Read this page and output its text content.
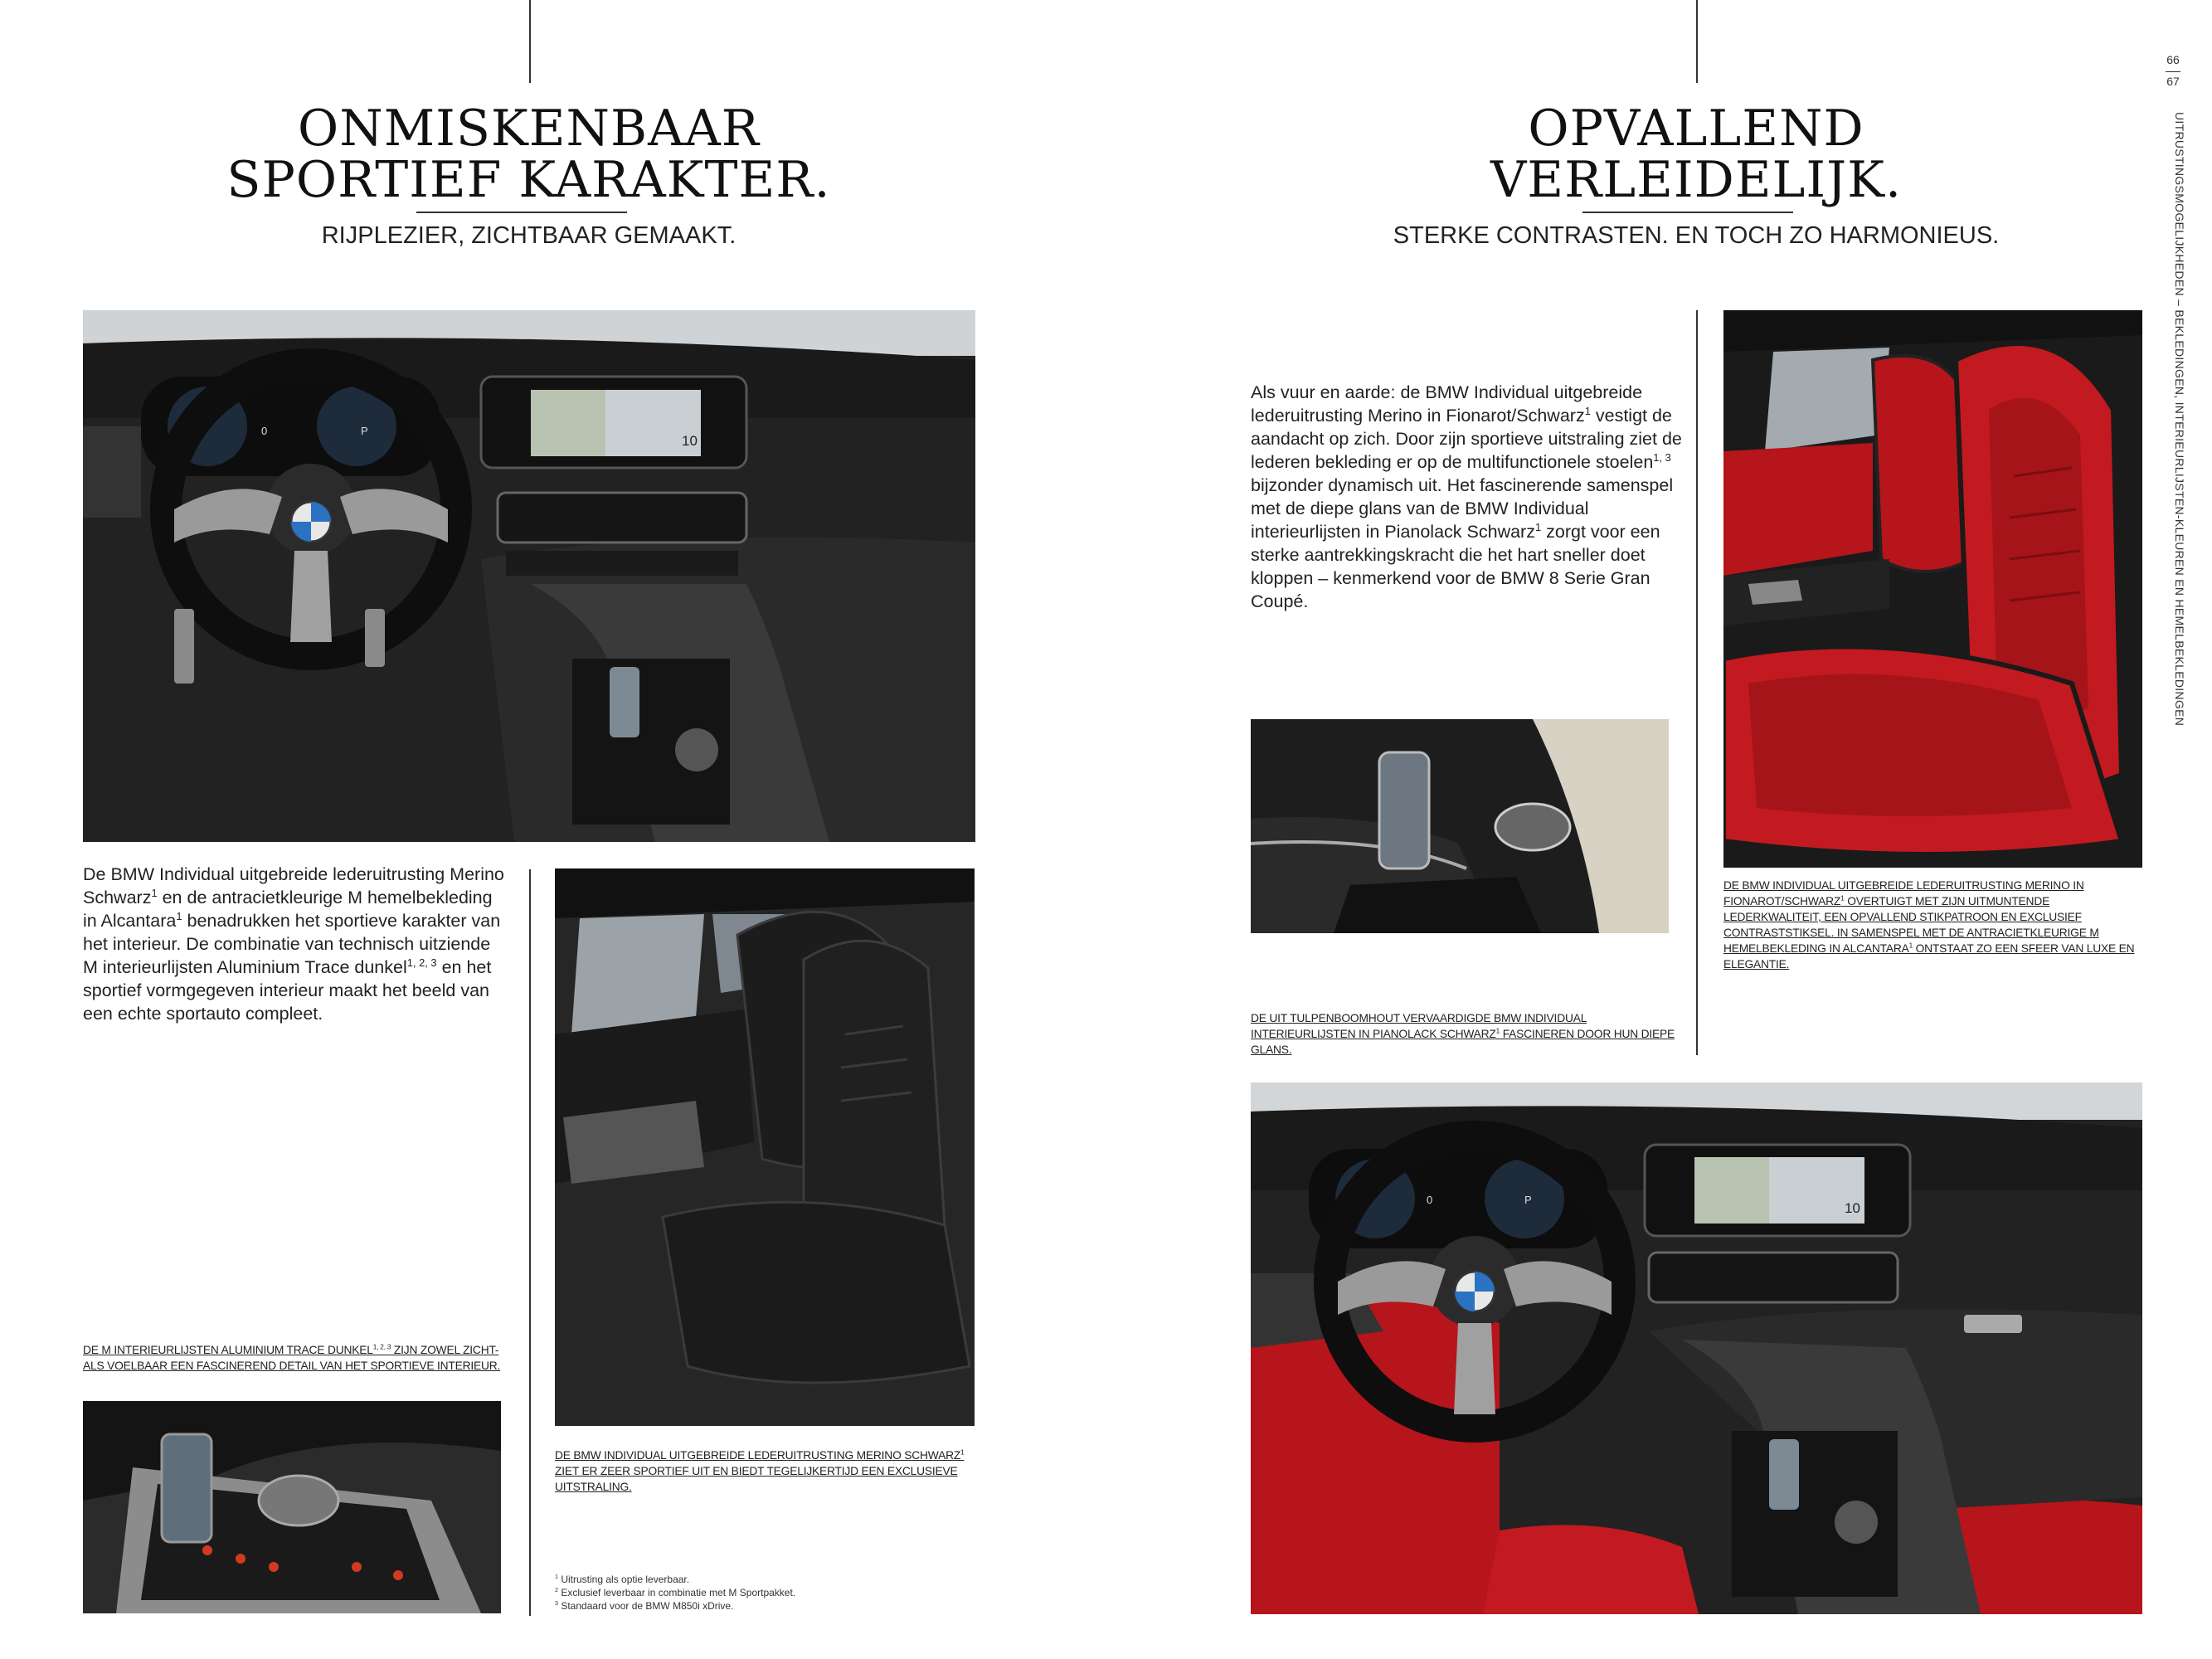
ONMISKENBAAR
SPORTIEF KARAKTER.
RIJPLEZIER, ZICHTBAAR GEMAAKT.
0	P
10
De BMW Individual uitgebreide lederuitrusting Merino Schwarz$^1$ en de antracietkleurige M hemelbekleding in Alcantara$^1$ benadrukken het sportieve karakter van het interieur. De combinatie van technisch uitziende M interieurlijsten Aluminium Trace dunkel$^{1, 2, 3}$ en het sportief vormgegeven interieur maakt het beeld van een echte sportauto compleet.
DE M INTERIEURLIJSTEN ALUMINIUM TRACE DUNKEL$^{1, 2, 3}$ ZIJN ZOWEL ZICHT- ALS VOELBAAR EEN FASCINEREND DETAIL VAN HET SPORTIEVE INTERIEUR.
DE BMW INDIVIDUAL UITGEBREIDE LEDERUITRUSTING MERINO SCHWARZ$^1$ ZIET ER ZEER SPORTIEF UIT EN BIEDT TEGELIJKERTIJD EEN EXCLUSIEVE UITSTRALING.
$^1$ Uitrusting als optie leverbaar.
$^2$ Exclusief leverbaar in combinatie met M Sportpakket.
$^3$ Standaard voor de BMW M850i xDrive.
OPVALLEND
VERLEIDELIJK.
STERKE CONTRASTEN. EN TOCH ZO HARMONIEUS.
Als vuur en aarde: de BMW Individual uitgebreide lederuitrusting Merino in Fionarot/Schwarz$^1$ vestigt de aandacht op zich. Door zijn sportieve uitstraling ziet de lederen bekleding er op de multifunctionele stoelen$^{1, 3}$ bijzonder dynamisch uit. Het fascinerende samenspel met de diepe glans van de BMW Individual interieurlijsten in Pianolack Schwarz$^1$ zorgt voor een sterke aantrekkingskracht die het hart sneller doet kloppen – kenmerkend voor de BMW 8 Serie Gran Coupé.
DE UIT TULPENBOOMHOUT VERVAARDIGDE BMW INDIVIDUAL INTERIEURLIJSTEN IN PIANOLACK SCHWARZ$^1$ FASCINEREN DOOR HUN DIEPE GLANS.
DE BMW INDIVIDUAL UITGEBREIDE LEDERUITRUSTING MERINO IN FIONAROT/SCHWARZ$^1$ OVERTUIGT MET ZIJN UITMUNTENDE LEDERKWALITEIT, EEN OPVALLEND STIKPATROON EN EXCLUSIEF CONTRASTSTIKSEL. IN SAMENSPEL MET DE ANTRACIETKLEURIGE M HEMELBEKLEDING IN ALCANTARA$^1$ ONTSTAAT ZO EEN SFEER VAN LUXE EN ELEGANTIE.
0	P
10
66
67
UITRUSTINGSMOGELIJKHEDEN – BEKLEDINGEN, INTERIEURLIJSTEN-KLEUREN EN HEMELBEKLEDINGEN
